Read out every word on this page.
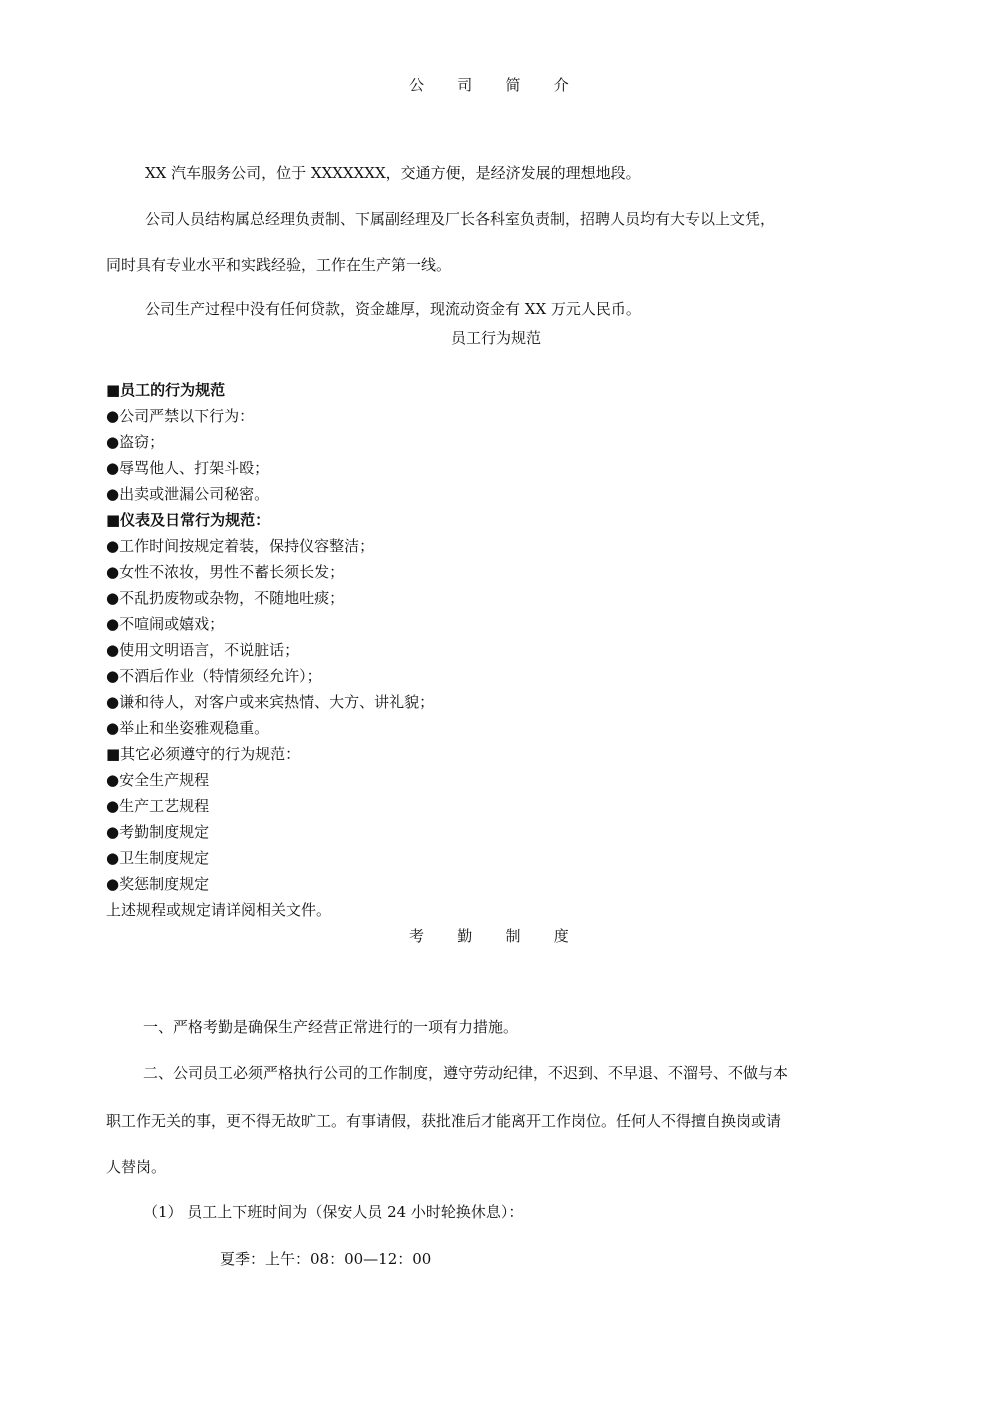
公 司 简 介
XX 汽车服务公司，位于 XXXXXXX，交通方便，是经济发展的理想地段。
公司人员结构属总经理负责制、下属副经理及厂长各科室负责制，招聘人员均有大专以上文凭，
同时具有专业水平和实践经验，工作在生产第一线。
公司生产过程中没有任何贷款，资金雄厚，现流动资金有 XX 万元人民币。
员工行为规范
■员工的行为规范
●公司严禁以下行为：
●盗窃；
●辱骂他人、打架斗殴；
●出卖或泄漏公司秘密。
■仪表及日常行为规范：
●工作时间按规定着装，保持仪容整洁；
●女性不浓妆，男性不蓄长须长发；
●不乱扔废物或杂物，不随地吐痰；
●不喧闹或嬉戏；
●使用文明语言，不说脏话；
●不酒后作业（特情须经允许）；
●谦和待人，对客户或来宾热情、大方、讲礼貌；
●举止和坐姿雅观稳重。
■其它必须遵守的行为规范：
●安全生产规程
●生产工艺规程
●考勤制度规定
●卫生制度规定
●奖惩制度规定
上述规程或规定请详阅相关文件。
考 勤 制 度
一、严格考勤是确保生产经营正常进行的一项有力措施。
二、公司员工必须严格执行公司的工作制度，遵守劳动纪律，不迟到、不早退、不溜号、不做与本
职工作无关的事，更不得无故旷工。有事请假，获批准后才能离开工作岗位。任何人不得擅自换岗或请
人替岗。
（1） 员工上下班时间为（保安人员 24 小时轮换休息）：
夏季：上午：08：00—12：00
